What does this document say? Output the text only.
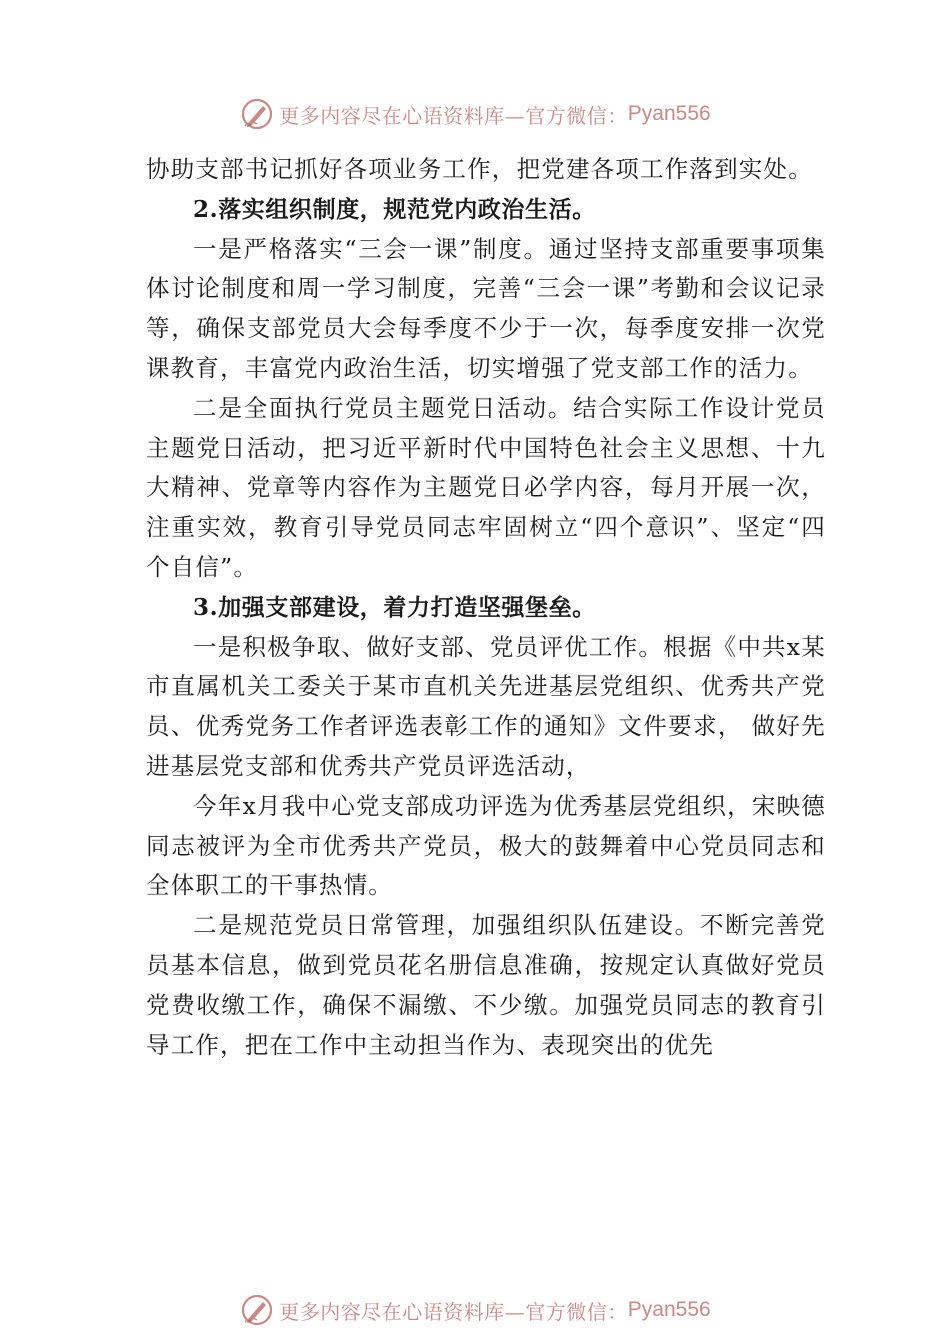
更多内容尽在心语资料库—官方微信： Pyan556

协助支部书记抓好各项业务工作，把党建各项工作落到实处。

2.落实组织制度，规范党内政治生活。

一是严格落实“三会一课”制度。通过坚持支部重要事项集体讨论制度和周一学习制度，完善“三会一课”考勤和会议记录等，确保支部党员大会每季度不少于一次，每季度安排一次党课教育，丰富党内政治生活，切实增强了党支部工作的活力。

二是全面执行党员主题党日活动。结合实际工作设计党员主题党日活动，把习近平新时代中国特色社会主义思想、十九大精神、党章等内容作为主题党日必学内容，每月开展一次，注重实效，教育引导党员同志牢固树立“四个意识”、坚定“四个自信”。

3.加强支部建设，着力打造坚强堡垒。

一是积极争取、做好支部、党员评优工作。根据《中共x某市直属机关工委关于某市直机关先进基层党组织、优秀共产党员、优秀党务工作者评选表彰工作的通知》文件要求， 做好先进基层党支部和优秀共产党员评选活动，

今年x月我中心党支部成功评选为优秀基层党组织，宋映德同志被评为全市优秀共产党员，极大的鼓舞着中心党员同志和全体职工的干事热情。

二是规范党员日常管理，加强组织队伍建设。不断完善党员基本信息，做到党员花名册信息准确，按规定认真做好党员党费收缴工作，确保不漏缴、不少缴。加强党员同志的教育引导工作，把在工作中主动担当作为、表现突出的优先

更多内容尽在心语资料库—官方微信： Pyan556
